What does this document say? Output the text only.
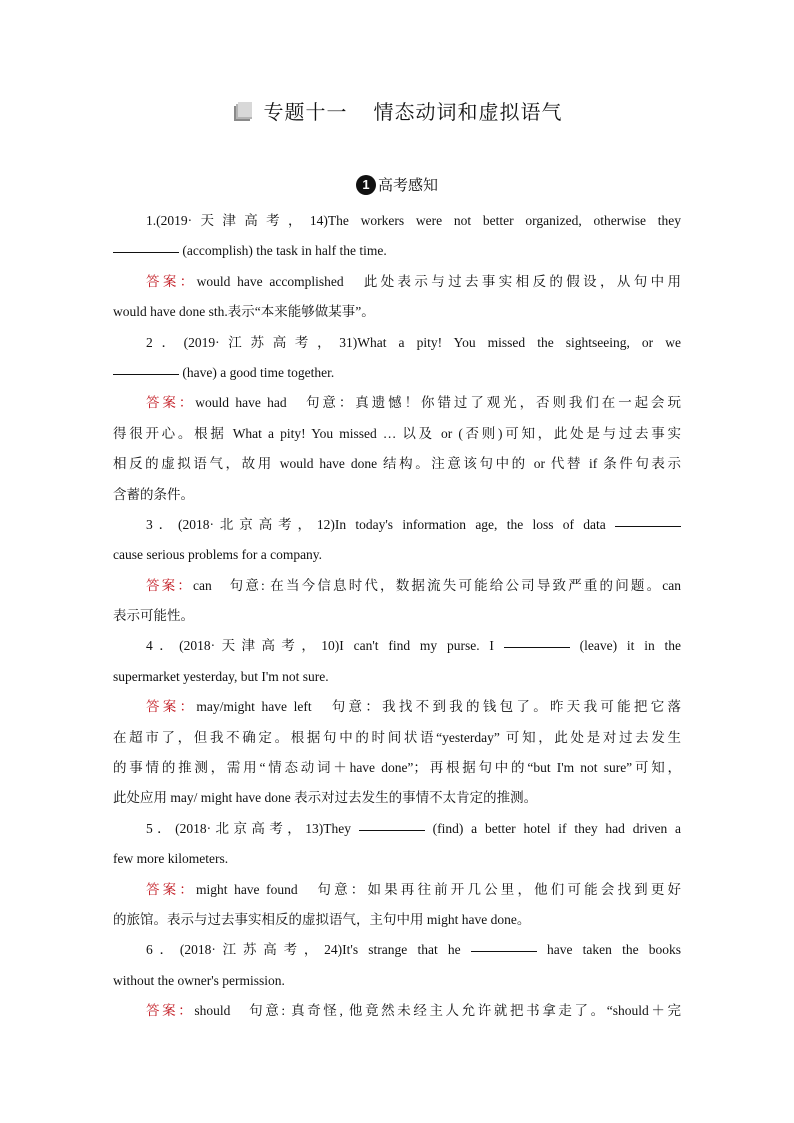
专题十一 情态动词和虚拟语气
1 高考感知
1.(2019·天津高考，14)The workers were not better organized, otherwise they
(accomplish) the task in half the time.
答案：would have accomplished　此处表示与过去事实相反的假设，从句中用
would have done sth.表示“本来能够做某事”。
2．(2019·江苏高考，31)What a pity! You missed the sightseeing, or we
(have) a good time together.
答案：would have had　句意：真遗憾！你错过了观光，否则我们在一起会玩
得很开心。根据 What a pity! You missed … 以及 or (否则)可知，此处是与过去事实
相反的虚拟语气，故用 would have done 结构。注意该句中的 or 代替 if 条件句表示
含蓄的条件。
3．(2018·北京高考，12)In today's information age, the loss of data
cause serious problems for a company.
答案：can　句意: 在当今信息时代，数据流失可能给公司导致严重的问题。can
表示可能性。
4．(2018·天津高考，10)I can't find my purse. I	(leave) it in the
supermarket yesterday, but I'm not sure.
答案：may/might have left　句意：我找不到我的钱包了。昨天我可能把它落
在超市了，但我不确定。根据句中的时间状语“yesterday” 可知，此处是对过去发生
的事情的推测，需用“情态动词＋have done”；再根据句中的“but I'm not sure”可知，
此处应用 may/ might have done 表示对过去发生的事情不太肯定的推测。
5．(2018·北京高考，13)They	(find) a better hotel if they had driven a
few more kilometers.
答案：might have found　句意：如果再往前开几公里，他们可能会找到更好
的旅馆。表示与过去事实相反的虚拟语气，主句中用 might have done。
6．(2018·江苏高考，24)It's strange that he	have taken the books
without the owner's permission.
答案：should　句意: 真奇怪, 他竟然未经主人允许就把书拿走了。“should＋完
